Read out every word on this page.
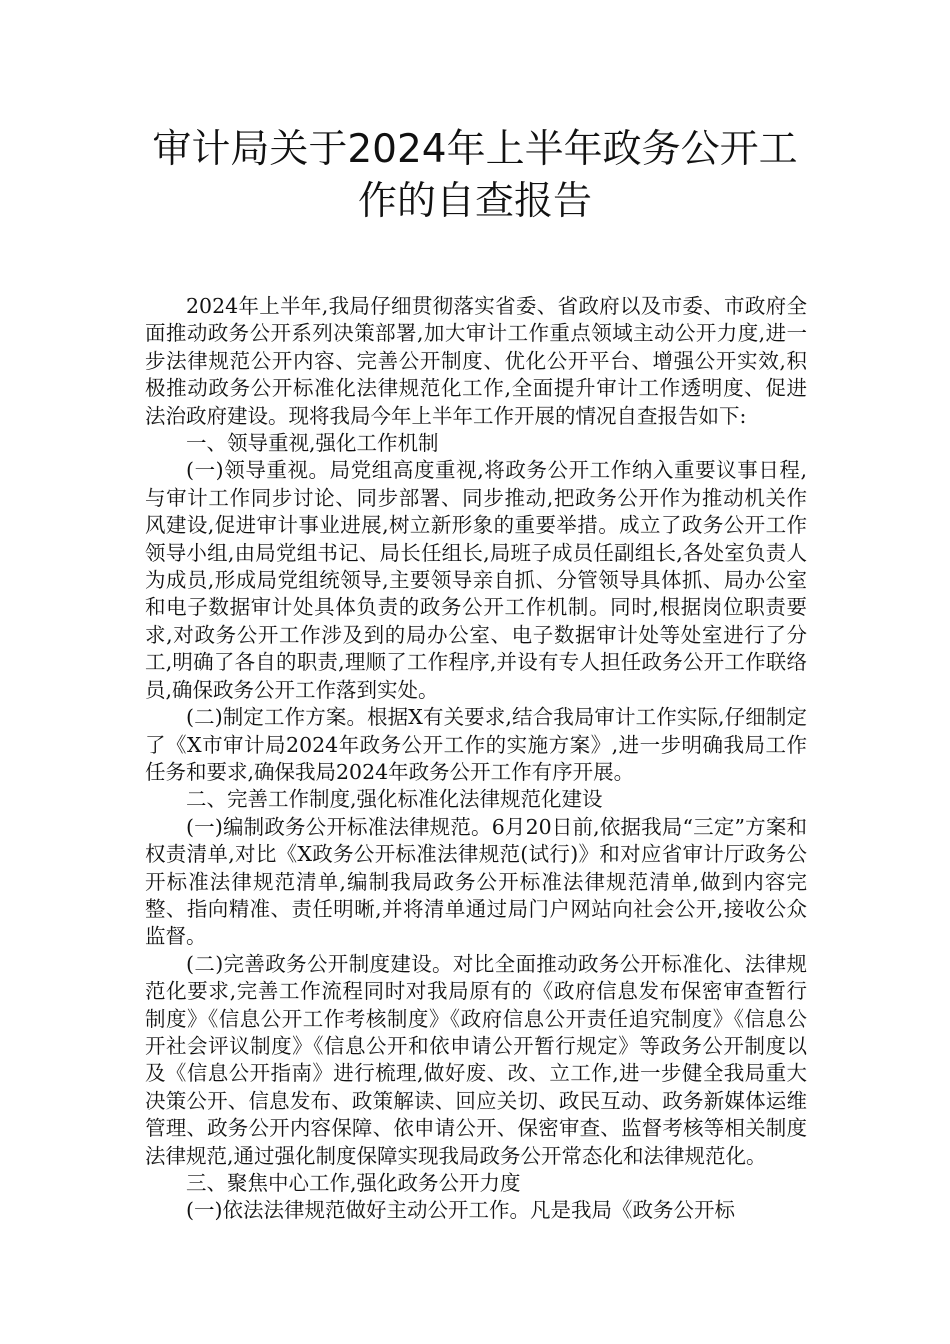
审计局关于2024年上半年政务公开工作的自查报告

2024年上半年,我局仔细贯彻落实省委、省政府以及市委、市政府全面推动政务公开系列决策部署,加大审计工作重点领域主动公开力度,进一步法律规范公开内容、完善公开制度、优化公开平台、增强公开实效,积极推动政务公开标准化法律规范化工作,全面提升审计工作透明度、促进法治政府建设。现将我局今年上半年工作开展的情况自查报告如下:

一、领导重视,强化工作机制

(一)领导重视。局党组高度重视,将政务公开工作纳入重要议事日程,与审计工作同步讨论、同步部署、同步推动,把政务公开作为推动机关作风建设,促进审计事业进展,树立新形象的重要举措。成立了政务公开工作领导小组,由局党组书记、局长任组长,局班子成员任副组长,各处室负责人为成员,形成局党组统领导,主要领导亲自抓、分管领导具体抓、局办公室和电子数据审计处具体负责的政务公开工作机制。同时,根据岗位职责要求,对政务公开工作涉及到的局办公室、电子数据审计处等处室进行了分工,明确了各自的职责,理顺了工作程序,并设有专人担任政务公开工作联络员,确保政务公开工作落到实处。

(二)制定工作方案。根据X有关要求,结合我局审计工作实际,仔细制定了《X市审计局2024年政务公开工作的实施方案》,进一步明确我局工作任务和要求,确保我局2024年政务公开工作有序开展。

二、完善工作制度,强化标准化法律规范化建设

(一)编制政务公开标准法律规范。6月20日前,依据我局“三定”方案和权责清单,对比《X政务公开标准法律规范(试行)》和对应省审计厅政务公开标准法律规范清单,编制我局政务公开标准法律规范清单,做到内容完整、指向精准、责任明晰,并将清单通过局门户网站向社会公开,接收公众监督。

(二)完善政务公开制度建设。对比全面推动政务公开标准化、法律规范化要求,完善工作流程同时对我局原有的《政府信息发布保密审查暂行制度》《信息公开工作考核制度》《政府信息公开责任追究制度》《信息公开社会评议制度》《信息公开和依申请公开暂行规定》等政务公开制度以及《信息公开指南》进行梳理,做好废、改、立工作,进一步健全我局重大决策公开、信息发布、政策解读、回应关切、政民互动、政务新媒体运维管理、政务公开内容保障、依申请公开、保密审查、监督考核等相关制度法律规范,通过强化制度保障实现我局政务公开常态化和法律规范化。

三、聚焦中心工作,强化政务公开力度

(一)依法法律规范做好主动公开工作。凡是我局《政务公开标
